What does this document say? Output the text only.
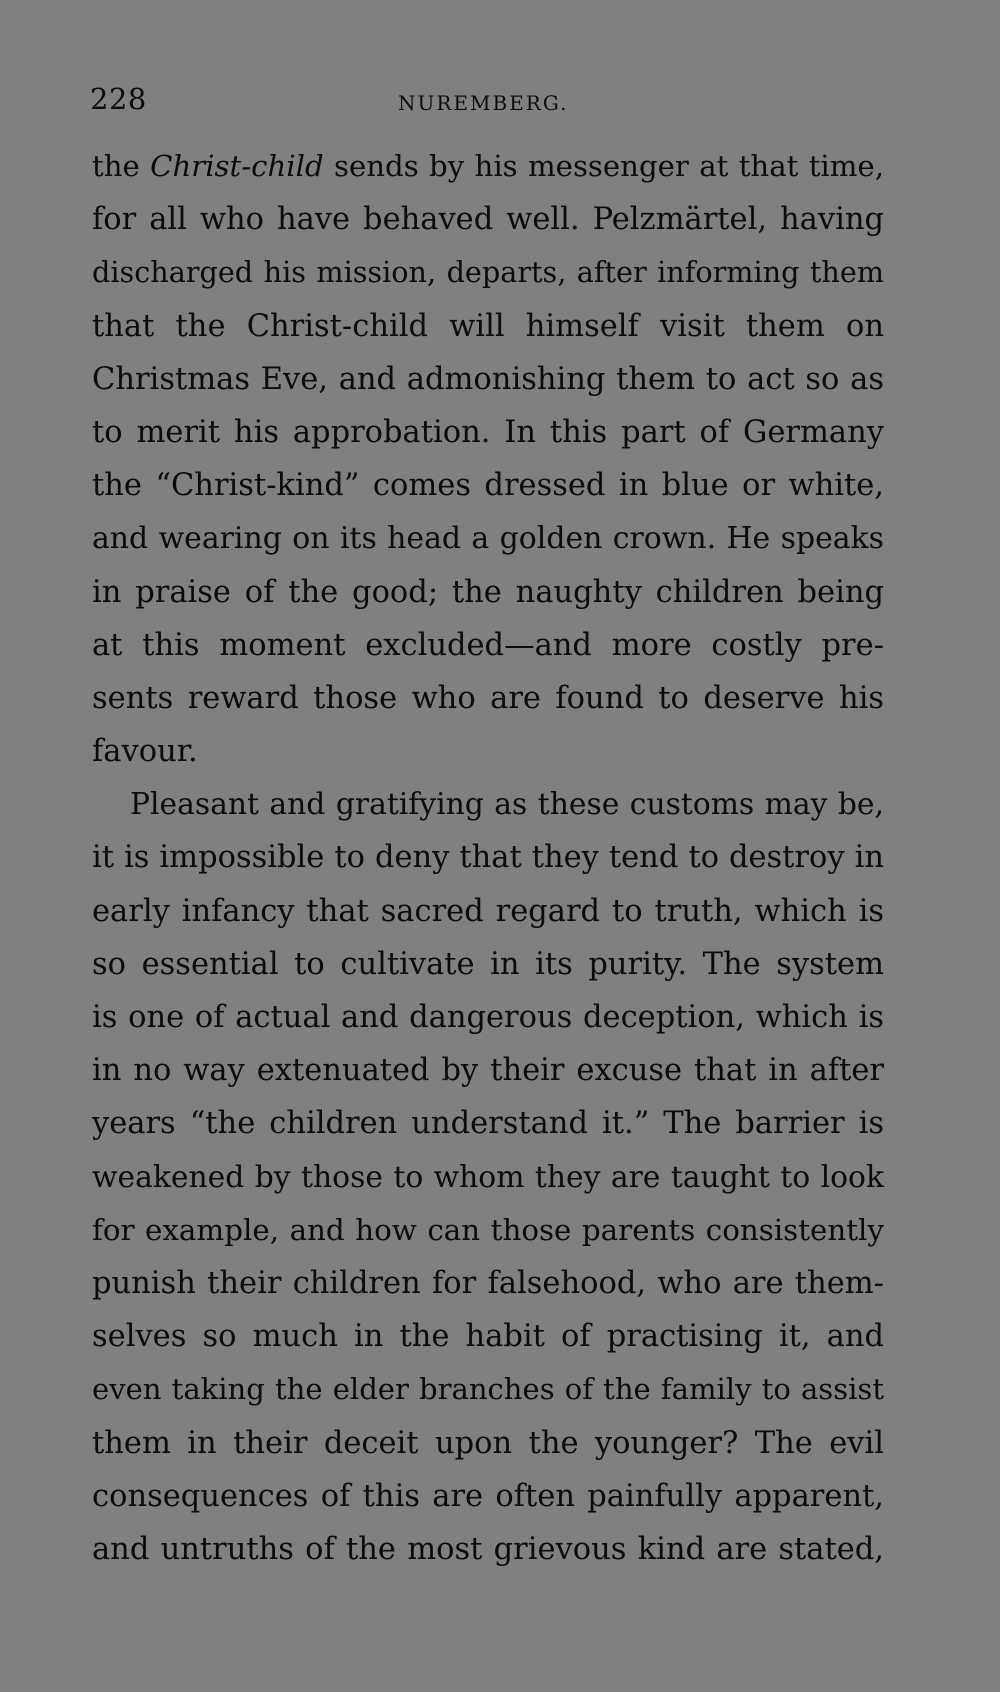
228	NUREMBERG.
the Christ-child sends by his messenger at that time,
for all who have behaved well. Pelzmärtel, having
discharged his mission, departs, after informing them
that the Christ-child will himself visit them on
Christmas Eve, and admonishing them to act so as
to merit his approbation. In this part of Germany
the “Christ-kind” comes dressed in blue or white,
and wearing on its head a golden crown. He speaks
in praise of the good; the naughty children being
at this moment excluded—and more costly pre-
sents reward those who are found to deserve his
favour.
Pleasant and gratifying as these customs may be,
it is impossible to deny that they tend to destroy in
early infancy that sacred regard to truth, which is
so essential to cultivate in its purity. The system
is one of actual and dangerous deception, which is
in no way extenuated by their excuse that in after
years “the children understand it.” The barrier is
weakened by those to whom they are taught to look
for example, and how can those parents consistently
punish their children for falsehood, who are them-
selves so much in the habit of practising it, and
even taking the elder branches of the family to assist
them in their deceit upon the younger? The evil
consequences of this are often painfully apparent,
and untruths of the most grievous kind are stated,
